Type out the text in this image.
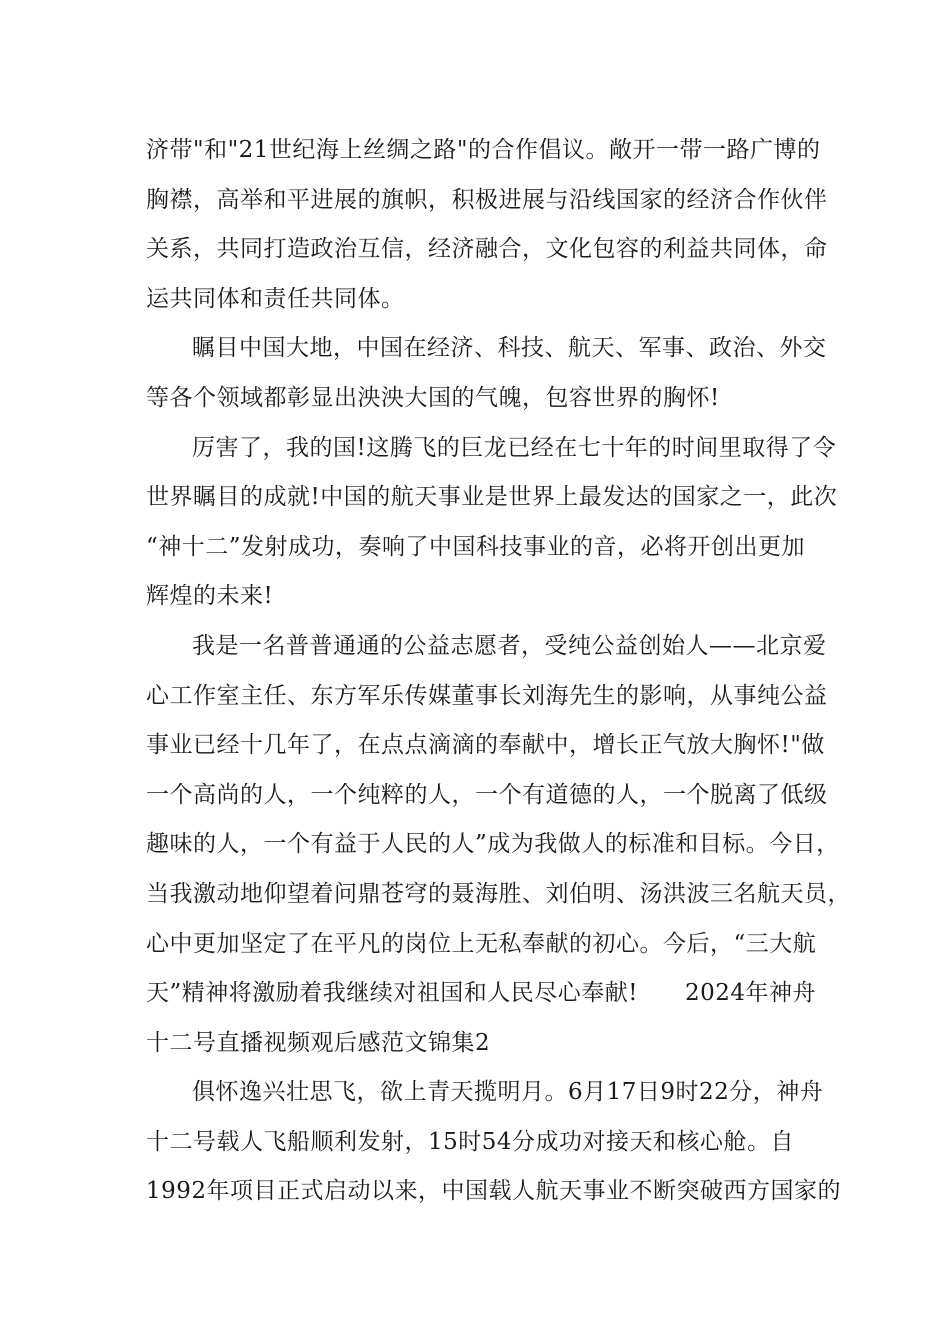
济带"和"21世纪海上丝绸之路"的合作倡议。敞开一带一路广博的
胸襟，高举和平进展的旗帜，积极进展与沿线国家的经济合作伙伴
关系，共同打造政治互信，经济融合，文化包容的利益共同体，命
运共同体和责任共同体。
瞩目中国大地，中国在经济、科技、航天、军事、政治、外交
等各个领域都彰显出泱泱大国的气魄，包容世界的胸怀!
厉害了，我的国!这腾飞的巨龙已经在七十年的时间里取得了令
世界瞩目的成就!中国的航天事业是世界上最发达的国家之一，此次
“神十二”发射成功，奏响了中国科技事业的音，必将开创出更加
辉煌的未来!
我是一名普普通通的公益志愿者，受纯公益创始人——北京爱
心工作室主任、东方军乐传媒董事长刘海先生的影响，从事纯公益
事业已经十几年了，在点点滴滴的奉献中，增长正气放大胸怀!"做
一个高尚的人，一个纯粹的人，一个有道德的人，一个脱离了低级
趣味的人，一个有益于人民的人”成为我做人的标准和目标。今日，
当我激动地仰望着问鼎苍穹的聂海胜、刘伯明、汤洪波三名航天员，
心中更加坚定了在平凡的岗位上无私奉献的初心。今后，“三大航
天”精神将激励着我继续对祖国和人民尽心奉献!　　2024年神舟
十二号直播视频观后感范文锦集2
俱怀逸兴壮思飞，欲上青天揽明月。6月17日9时22分，神舟
十二号载人飞船顺利发射，15时54分成功对接天和核心舱。自
1992年项目正式启动以来，中国载人航天事业不断突破西方国家的
